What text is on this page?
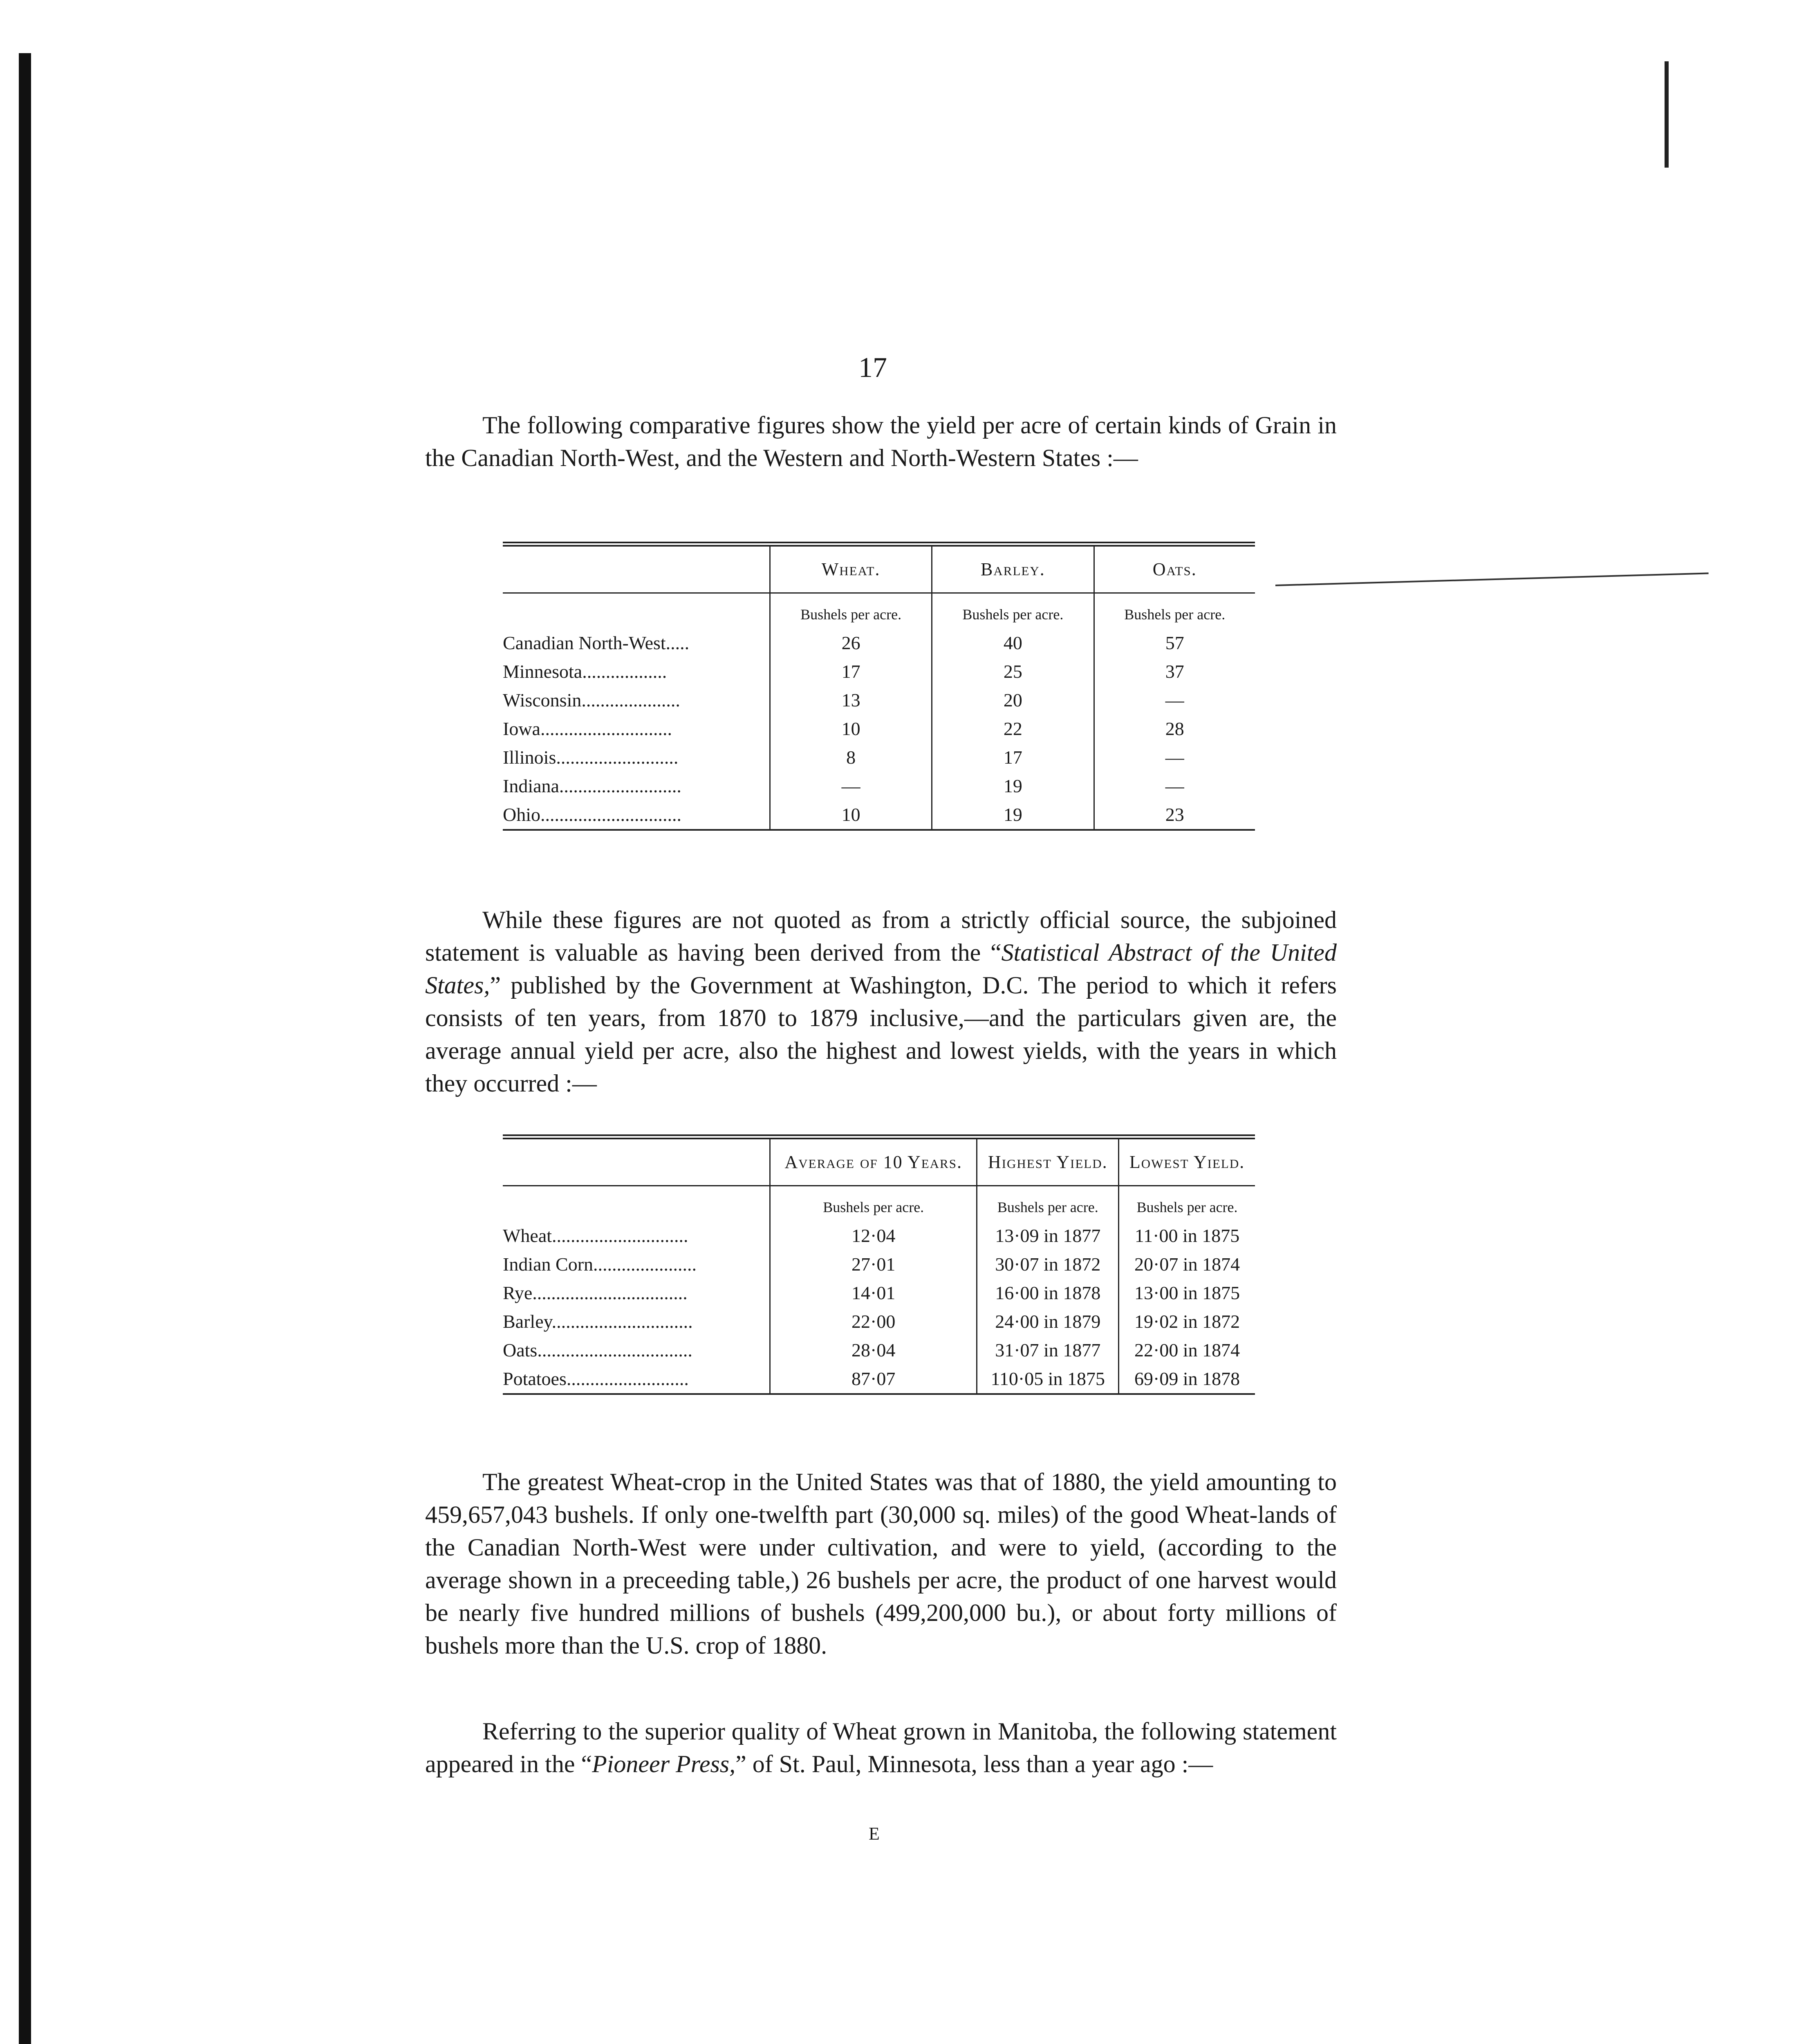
17

The following comparative figures show the yield per acre of certain kinds of Grain in the Canadian North-West, and the Western and North-Western States :—

	Wheat.	Barley.	Oats.
	Bushels per acre.	Bushels per acre.	Bushels per acre.
Canadian North-West.....	26	40	57
Minnesota..................	17	25	37
Wisconsin.....................	13	20	—
Iowa............................	10	22	28
Illinois..........................	8	17	—
Indiana..........................	—	19	—
Ohio..............................	10	19	23

While these figures are not quoted as from a strictly official source, the subjoined statement is valuable as having been derived from the “Statistical Abstract of the United States,” published by the Government at Washington, D.C. The period to which it refers consists of ten years, from 1870 to 1879 inclusive,—and the particulars given are, the average annual yield per acre, also the highest and lowest yields, with the years in which they occurred :—

	Average of 10 Years.	Highest Yield.	Lowest Yield.
	Bushels per acre.	Bushels per acre.	Bushels per acre.
Wheat.............................	12·04	13·09 in 1877	11·00 in 1875
Indian Corn......................	27·01	30·07 in 1872	20·07 in 1874
Rye.................................	14·01	16·00 in 1878	13·00 in 1875
Barley..............................	22·00	24·00 in 1879	19·02 in 1872
Oats.................................	28·04	31·07 in 1877	22·00 in 1874
Potatoes..........................	87·07	110·05 in 1875	69·09 in 1878

The greatest Wheat-crop in the United States was that of 1880, the yield amounting to 459,657,043 bushels. If only one-twelfth part (30,000 sq. miles) of the good Wheat-lands of the Canadian North-West were under cultivation, and were to yield, (according to the average shown in a preceeding table,) 26 bushels per acre, the product of one harvest would be nearly five hundred millions of bushels (499,200,000 bu.), or about forty millions of bushels more than the U.S. crop of 1880.

Referring to the superior quality of Wheat grown in Manitoba, the following statement appeared in the “Pioneer Press,” of St. Paul, Minnesota, less than a year ago :—

E
